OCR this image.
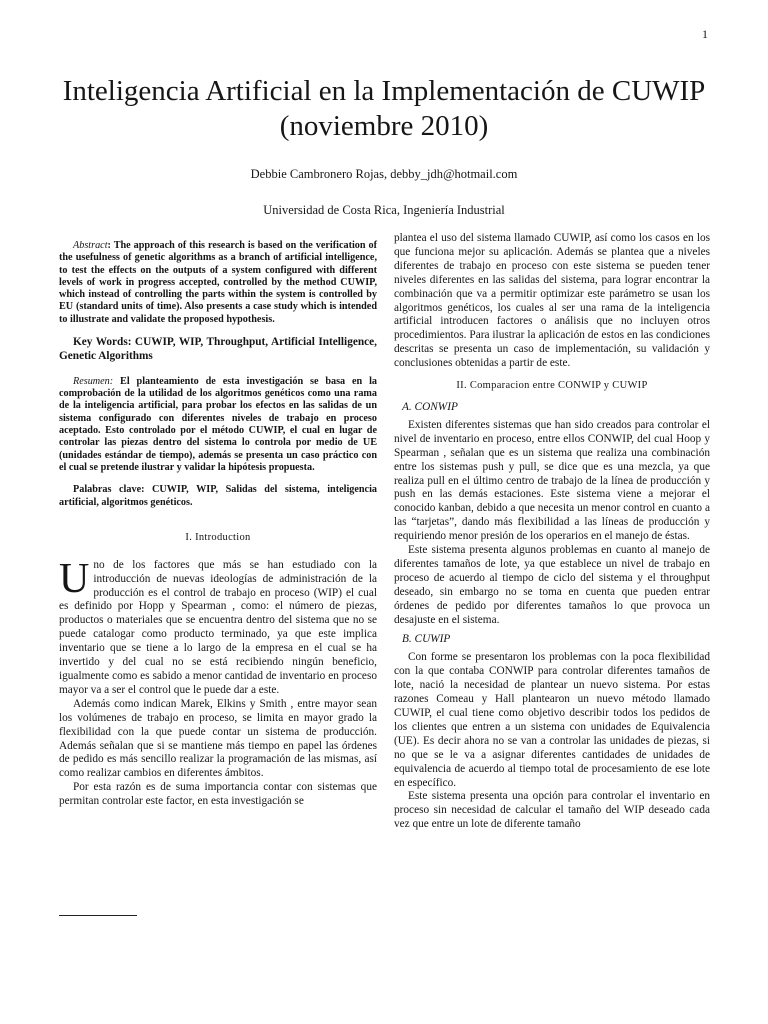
1
Inteligencia Artificial en la Implementación de CUWIP (noviembre 2010)
Debbie Cambronero Rojas, debby_jdh@hotmail.com
Universidad de Costa Rica, Ingeniería Industrial

Abstract: The approach of this research is based on the verification of the usefulness of genetic algorithms as a branch of artificial intelligence, to test the effects on the outputs of a system configured with different levels of work in progress accepted, controlled by the method CUWIP, which instead of controlling the parts within the system is controlled by EU (standard units of time). Also presents a case study which is intended to illustrate and validate the proposed hypothesis.

Key Words: CUWIP, WIP, Throughput, Artificial Intelligence, Genetic Algorithms

Resumen: El planteamiento de esta investigación se basa en la comprobación de la utilidad de los algoritmos genéticos como una rama de la inteligencia artificial, para probar los efectos en las salidas de un sistema configurado con diferentes niveles de trabajo en proceso aceptado. Esto controlado por el método CUWIP, el cual en lugar de controlar las piezas dentro del sistema lo controla por medio de UE (unidades estándar de tiempo), además se presenta un caso práctico con el cual se pretende ilustrar y validar la hipótesis propuesta.

Palabras clave: CUWIP, WIP, Salidas del sistema, inteligencia artificial, algoritmos genéticos.

I. Introduction

Uno de los factores que más se han estudiado con la introducción de nuevas ideologías de administración de la producción es el control de trabajo en proceso (WIP) el cual es definido por Hopp y Spearman , como: el número de piezas, productos o materiales que se encuentra dentro del sistema que no se puede catalogar como producto terminado, ya que este implica inventario que se tiene a lo largo de la empresa en el cual se ha invertido y del cual no se está recibiendo ningún beneficio, igualmente como es sabido a menor cantidad de inventario en proceso mayor va a ser el control que le puede dar a este.

Además como indican Marek, Elkins y Smith , entre mayor sean los volúmenes de trabajo en proceso, se limita en mayor grado la flexibilidad con la que puede contar un sistema de producción. Además señalan que si se mantiene más tiempo en papel las órdenes de pedido es más sencillo realizar la programación de las mismas, así como realizar cambios en diferentes ámbitos.

Por esta razón es de suma importancia contar con sistemas que permitan controlar este factor, en esta investigación se

plantea el uso del sistema llamado CUWIP, así como los casos en los que funciona mejor su aplicación. Además se plantea que a niveles diferentes de trabajo en proceso con este sistema se pueden tener niveles diferentes en las salidas del sistema, para lograr encontrar la combinación que va a permitir optimizar este parámetro se usan los algoritmos genéticos, los cuales al ser una rama de la inteligencia artificial introducen factores o análisis que no incluyen otros procedimientos. Para ilustrar la aplicación de estos en las condiciones descritas se presenta un caso de implementación, su validación y conclusiones obtenidas a partir de este.

II. Comparacion entre CONWIP y CUWIP

A. CONWIP

Existen diferentes sistemas que han sido creados para controlar el nivel de inventario en proceso, entre ellos CONWIP, del cual Hoop y Spearman , señalan que es un sistema que realiza una combinación entre los sistemas push y pull, se dice que es una mezcla, ya que realiza pull en el último centro de trabajo de la línea de producción y push en las demás estaciones. Este sistema viene a mejorar el conocido kanban, debido a que necesita un menor control en cuanto a las “tarjetas”, dando más flexibilidad a las líneas de producción y requiriendo menor presión de los operarios en el manejo de éstas.

Este sistema presenta algunos problemas en cuanto al manejo de diferentes tamaños de lote, ya que establece un nivel de trabajo en proceso de acuerdo al tiempo de ciclo del sistema y el throughput deseado, sin embargo no se toma en cuenta que pueden entrar órdenes de pedido por diferentes tamaños lo que provoca un desajuste en el sistema.

B. CUWIP

Con forme se presentaron los problemas con la poca flexibilidad con la que contaba CONWIP para controlar diferentes tamaños de lote, nació la necesidad de plantear un nuevo sistema. Por estas razones Comeau y Hall plantearon un nuevo método llamado CUWIP, el cual tiene como objetivo describir todos los pedidos de los clientes que entren a un sistema con unidades de Equivalencia (UE). Es decir ahora no se van a controlar las unidades de piezas, si no que se le va a asignar diferentes cantidades de unidades de equivalencia de acuerdo al tiempo total de procesamiento de ese lote en específico.

Este sistema presenta una opción para controlar el inventario en proceso sin necesidad de calcular el tamaño del WIP deseado cada vez que entre un lote de diferente tamaño
